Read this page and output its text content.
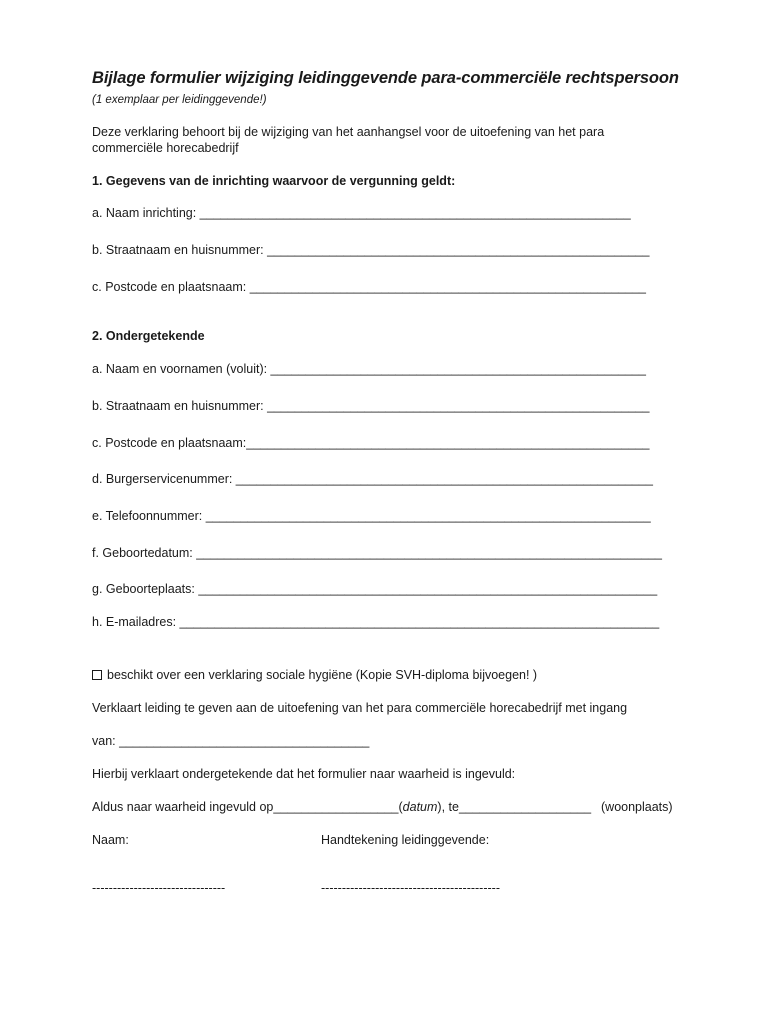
Bijlage formulier wijziging leidinggevende para-commerciële rechtspersoon
(1 exemplaar per leidinggevende!)
Deze verklaring behoort bij de wijziging van het aanhangsel voor de uitoefening van het para
commerciële horecabedrijf
1. Gegevens van de inrichting waarvoor de vergunning geldt:
a. Naam inrichting: ______________________________________________________________
b. Straatnaam en huisnummer: _______________________________________________________
c. Postcode en plaatsnaam: _________________________________________________________
2. Ondergetekende
a. Naam en voornamen (voluit): ______________________________________________________
b. Straatnaam en huisnummer: _______________________________________________________
c. Postcode en plaatsnaam:__________________________________________________________
d. Burgerservicenummer: ____________________________________________________________
e. Telefoonnummer: ________________________________________________________________
f. Geboortedatum: ___________________________________________________________________
g. Geboorteplaats: __________________________________________________________________
h. E-mailadres: _____________________________________________________________________
beschikt over een verklaring sociale hygiëne (Kopie SVH-diploma bijvoegen! )
Verklaart leiding te geven aan de uitoefening van het para commerciële horecabedrijf met ingang
van: ____________________________________
Hierbij verklaart ondergetekende dat het formulier naar waarheid is ingevuld:
Aldus naar waarheid ingevuld op__________________(datum), te___________________ (woonplaats)
Naam:	Handtekening leidinggevende:
--------------------------------	-------------------------------------------
